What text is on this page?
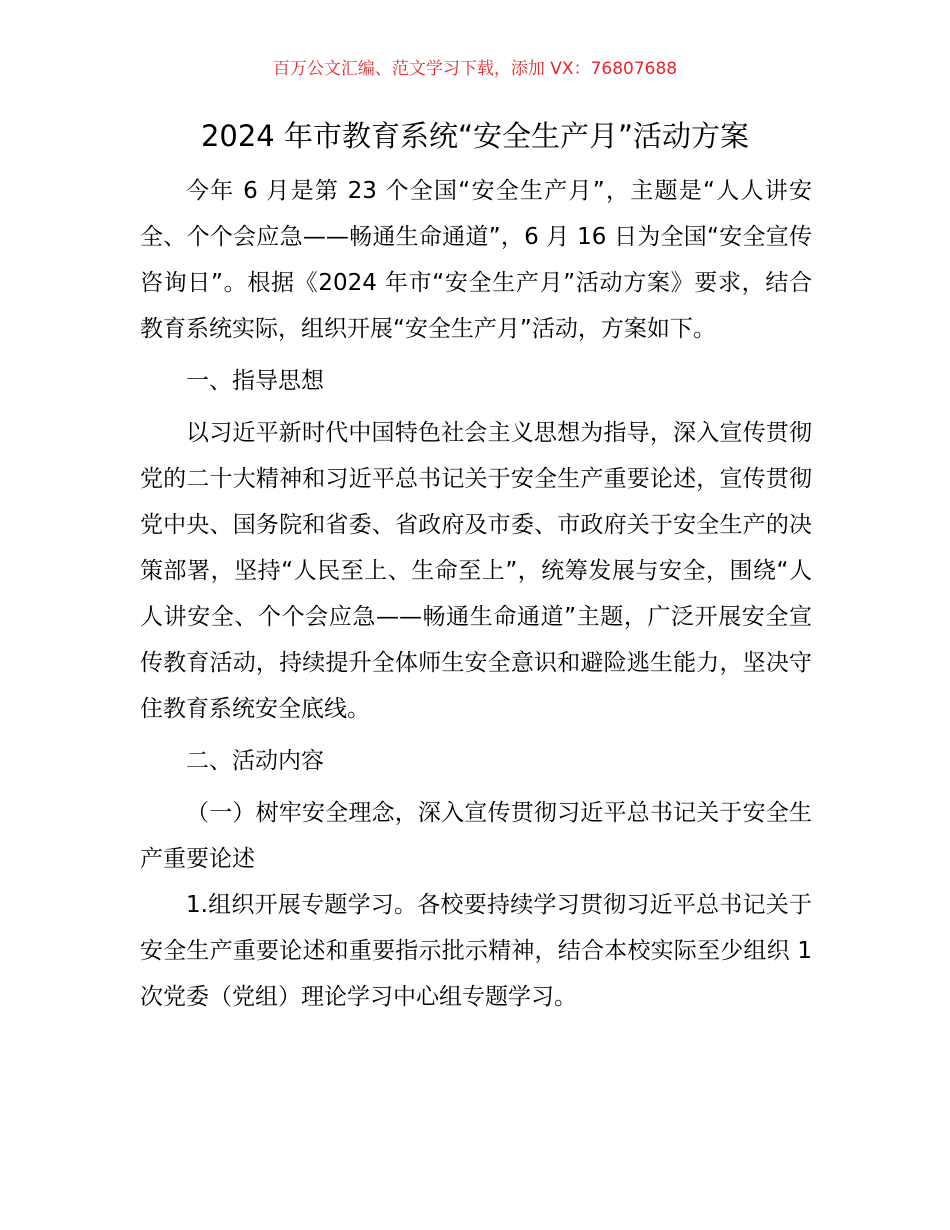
百万公文汇编、范文学习下载，添加 VX：76807688
2024 年市教育系统“安全生产月”活动方案

今年 6 月是第 23 个全国“安全生产月”，主题是“人人讲安全、个个会应急——畅通生命通道”，6 月 16 日为全国“安全宣传咨询日”。根据《2024 年市“安全生产月”活动方案》要求，结合教育系统实际，组织开展“安全生产月”活动，方案如下。

一、指导思想

以习近平新时代中国特色社会主义思想为指导，深入宣传贯彻党的二十大精神和习近平总书记关于安全生产重要论述，宣传贯彻党中央、国务院和省委、省政府及市委、市政府关于安全生产的决策部署，坚持“人民至上、生命至上”，统筹发展与安全，围绕“人人讲安全、个个会应急——畅通生命通道”主题，广泛开展安全宣传教育活动，持续提升全体师生安全意识和避险逃生能力，坚决守住教育系统安全底线。

二、活动内容

（一）树牢安全理念，深入宣传贯彻习近平总书记关于安全生产重要论述

1.组织开展专题学习。各校要持续学习贯彻习近平总书记关于安全生产重要论述和重要指示批示精神，结合本校实际至少组织 1 次党委（党组）理论学习中心组专题学习。
